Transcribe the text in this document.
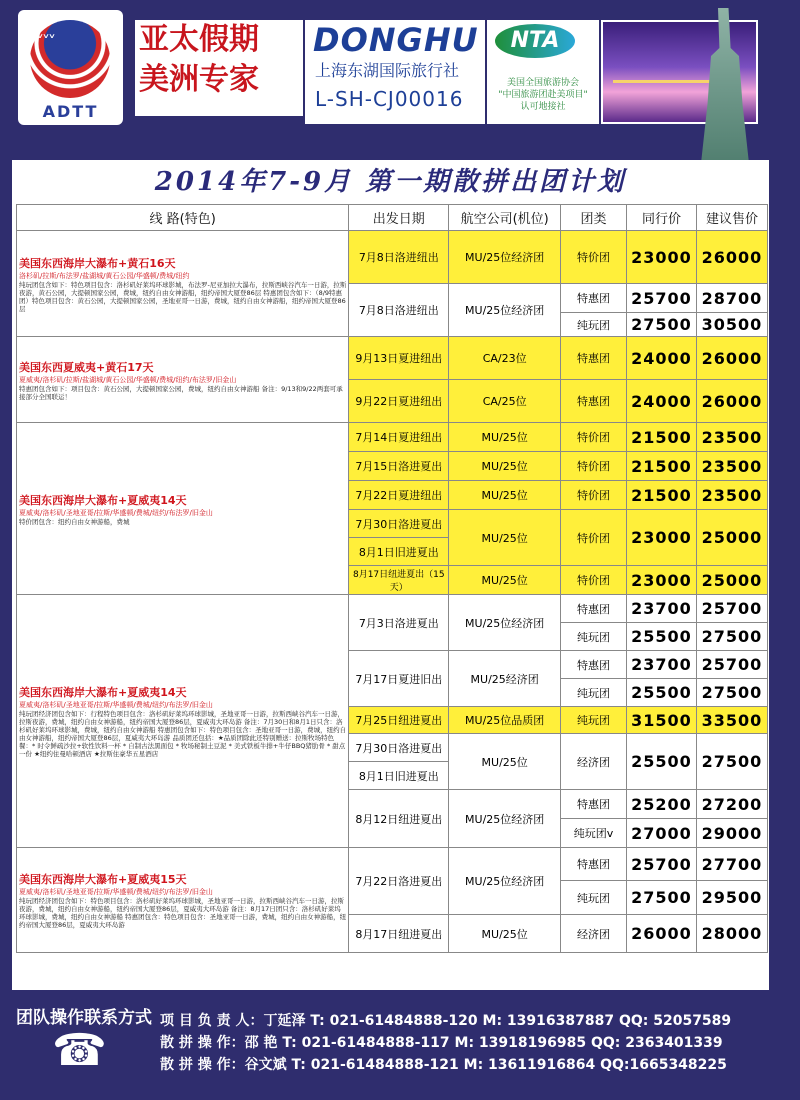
˅˅˅
ADTT
亚太假期
美洲专家
DONGHU
上海东湖国际旅行社
L-SH-CJ00016
NTA
美国全国旅游协会
"中国旅游团赴美项目"
认可地接社
2014年7-9月 第一期散拼出团计划
线 路(特色)	出发日期	航空公司(机位)	团类	同行价	建议售价

美国东西海岸大瀑布+黄石16天
洛杉矶/拉斯/布法罗/盐湖城/黄石公园/华盛顿/费城/纽约
纯玩团包含如下：特色项目包含：洛杉矶好莱坞环球影城，布法罗-尼亚加拉大瀑布，拉斯西峡谷汽车一日游，拉斯夜游，黄石公园，大提顿国家公园，费城，纽约自由女神游船，纽约帝国大厦登86层 特惠团包含如下：（8/9特惠团）特色项目包含：黄石公园，大提顿国家公园，圣地亚哥一日游，费城，纽约自由女神游船，纽约帝国大厦登86层	7月8日洛进纽出	MU/25位经济团	特价团	23000	26000
	7月8日洛进纽出	MU/25位经济团	特惠团	25700	28700
			纯玩团	27500	30500

美国东西夏威夷+黄石17天
夏威夷/洛杉矶/拉斯/盐湖城/黄石公园/华盛顿/费城/纽约/布法罗/旧金山
特惠团包含如下：项目包含：黄石公园，大提顿国家公园，费城，纽约自由女神游船 备注：9/13和9/22两套可承接部分全国联运！	9月13日夏进纽出	CA/23位	特惠团	24000	26000
	9月22日夏进纽出	CA/25位	特惠团	24000	26000

美国东西海岸大瀑布+夏威夷14天
夏威夷/洛杉矶/圣地亚哥/拉斯/华盛顿/费城/纽约/布法罗/旧金山
特价团包含：纽约自由女神游船，费城	7月14日夏进纽出	MU/25位	特价团	21500	23500
	7月15日洛进夏出	MU/25位	特价团	21500	23500
	7月22日夏进纽出	MU/25位	特价团	21500	23500
	7月30日洛进夏出	MU/25位	特价团	23000	25000
	8月1日旧进夏出				
	8月17日纽进夏出（15天）	MU/25位	特价团	23000	25000

美国东西海岸大瀑布+夏威夷14天
夏威夷/洛杉矶/圣地亚哥/拉斯/华盛顿/费城/纽约/布法罗/旧金山
纯玩团经济团包含如下：行程特色项目包含：洛杉矶好莱坞环球影城，圣地亚哥一日游，拉斯西峡谷汽车一日游，拉斯夜游，费城，纽约自由女神游船，纽约帝国大厦登86层，夏威夷大环岛游 备注：7月30日和8月1日只含：洛杉矶好莱坞环球影城，费城，纽约自由女神游船 特惠团包含如下：特色项目包含：圣地亚哥一日游，费城，纽约自由女神游船，纽约帝国大厦登86层，夏威夷大环岛游 品质团还包括：★品质团除此还特别赠送：拉斯牧场特色餐：* 时令鲜疏沙拉+软性饮料一杯 * 自制古法黑面包 * 牧场秘制土豆泥 * 美式铁板牛排+牛仔BBQ猪肋骨 * 甜点一份 ★纽约住曼哈顿酒店 ★拉斯住豪华五星酒店	7月3日洛进夏出	MU/25位经济团	特惠团	23700	25700
			纯玩团	25500	27500
	7月17日夏进旧出	MU/25经济团	特惠团	23700	25700
			纯玩团	25500	27500
	7月25日纽进夏出	MU/25位品质团	纯玩团	31500	33500
	7月30日洛进夏出	MU/25位	经济团	25500	27500
	8月1日旧进夏出				
	8月12日纽进夏出	MU/25位经济团	特惠团	25200	27200
			纯玩团v	27000	29000

美国东西海岸大瀑布+夏威夷15天
夏威夷/洛杉矶/圣地亚哥/拉斯/华盛顿/费城/纽约/布法罗/旧金山
纯玩团经济团包含如下：特色项目包含：洛杉矶好莱坞环球影城，圣地亚哥一日游，拉斯西峡谷汽车一日游，拉斯夜游，费城，纽约自由女神游船，纽约帝国大厦登86层，夏威夷大环岛游 备注：8月17日团只含：洛杉矶好莱坞环球影城，费城，纽约自由女神游船 特惠团包含：特色项目包含：圣地亚哥一日游，费城，纽约自由女神游船，纽约帝国大厦登86层，夏威夷大环岛游	7月22日洛进夏出	MU/25位经济团	特惠团	25700	27700
			纯玩团	27500	29500
	8月17日纽进夏出	MU/25位	经济团	26000	28000
团队操作联系方式
☎
项 目 负 责 人：丁延泽 T: 021-61484888-120 M: 13916387887 QQ: 52057589
散 拼 操 作：邵 艳 T: 021-61484888-117 M: 13918196985 QQ: 2363401339
散 拼 操 作：谷文斌 T: 021-61484888-121 M: 13611916864 QQ:1665348225
